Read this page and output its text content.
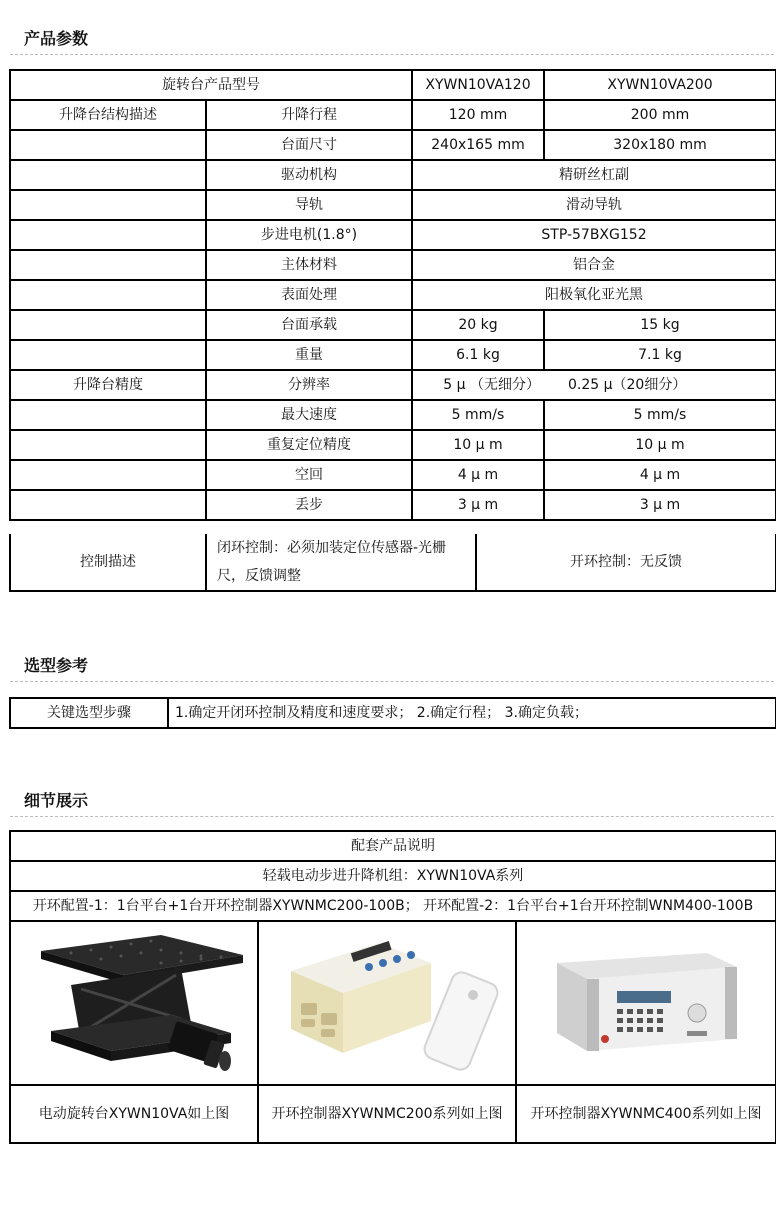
产品参数
旋转台产品型号		XYWN10VA120	XYWN10VA200
升降台结构描述	升降行程	120 mm	200 mm
	台面尺寸	240x165 mm	320x180 mm
	驱动机构	精研丝杠副	
	导轨	滑动导轨	
	步进电机(1.8°)	STP-57BXG152	
	主体材料	铝合金	
	表面处理	阳极氧化亚光黑	
	台面承载	20 kg	15 kg
	重量	6.1 kg	7.1 kg
升降台精度	分辨率	5 μ （无细分）	0.25 μ（20细分）
	最大速度	5 mm/s	5 mm/s
	重复定位精度	10 μ m	10 μ m
	空回	4 μ m	4 μ m
	丢步	3 μ m	3 μ m
控制描述	闭环控制：必须加装定位传感器-光栅尺，反馈调整	开环控制：无反馈
选型参考
关键选型步骤	1.确定开闭环控制及精度和速度要求； 2.确定行程； 3.确定负载；
细节展示
配套产品说明		
轻载电动步进升降机组：XYWN10VA系列		
开环配置-1：1台平台+1台开环控制器XYWNMC200-100B； 开环配置-2：1台平台+1台开环控制WNM400-100B		

电动旋转台XYWN10VA如上图	开环控制器XYWNMC200系列如上图	开环控制器XYWNMC400系列如上图
